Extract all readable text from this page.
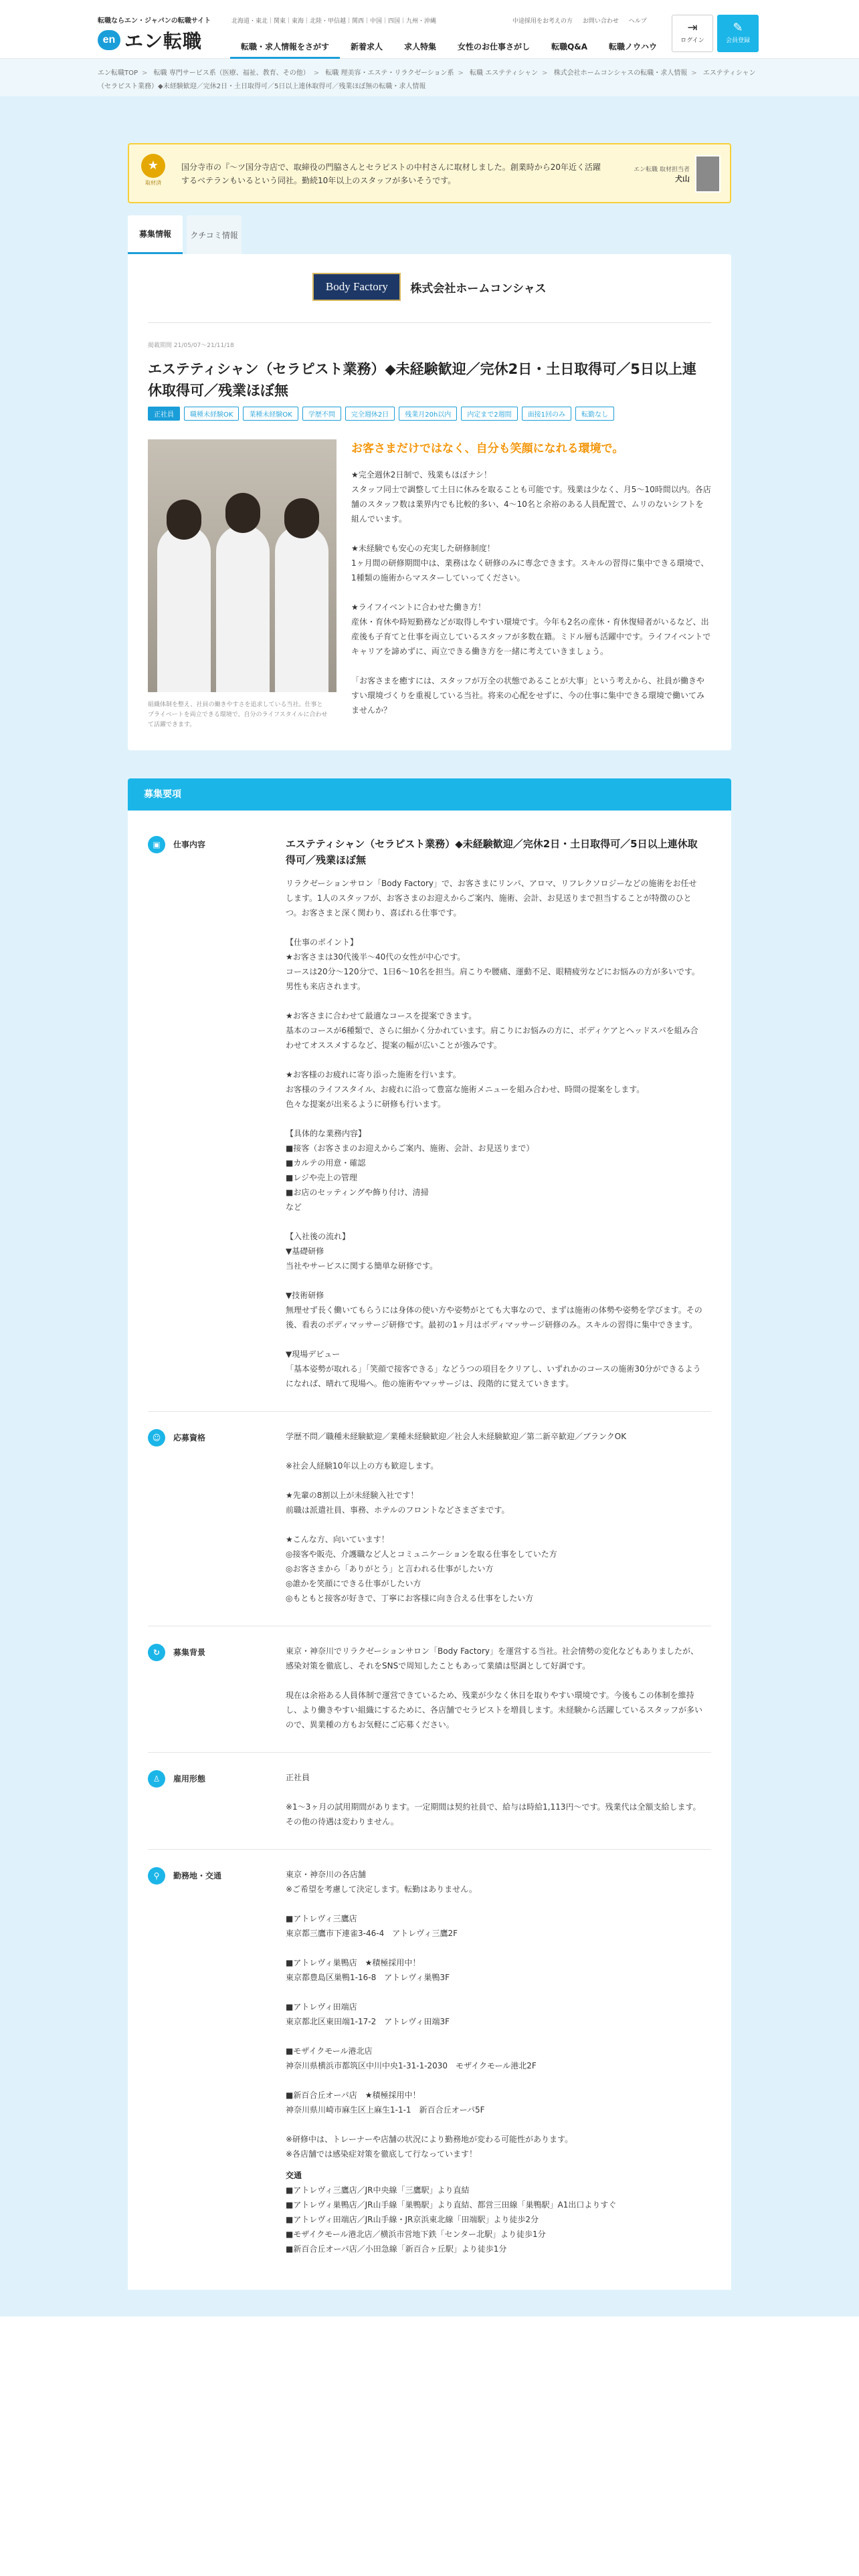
転職ならエン・ジャパンの転職サイト
en エン転職
北海道・東北｜関東｜東海｜北陸・甲信越｜関西｜中国｜四国｜九州・沖縄	中途採用をお考えの方 お問い合わせ ヘルプ
転職・求人情報をさがす	新着求人	求人特集	女性のお仕事さがし	転職Q&A	転職ノウハウ
⇥
ログイン
✎
会員登録
エン転職TOP > 転職 専門サービス系（医療、福祉、教育、その他） > 転職 理美容・エステ・リラクゼーション系 > 転職 エステティシャン > 株式会社ホームコンシャスの転職・求人情報 > エステティシャン（セラピスト業務）◆未経験歓迎／完休2日・土日取得可／5日以上連休取得可／残業ほぼ無の転職・求人情報
★
取材済
国分寺市の『～ツ国分寺店で、取締役の門脇さんとセラピストの中村さんに取材しました。創業時から20年近く活躍するベテランもいるという同社。勤続10年以上のスタッフが多いそうです。
エン転職 取材担当者
犬山
募集情報	クチコミ情報
Body Factory	株式会社ホームコンシャス
掲載期間 21/05/07〜21/11/18
エステティシャン（セラピスト業務）◆未経験歓迎／完休2日・土日取得可／5日以上連休取得可／残業ほぼ無
正社員	職種未経験OK	業種未経験OK	学歴不問	完全週休2日	残業月20h以内	内定まで2週間	面接1回のみ	転勤なし
組織体制を整え、社員の働きやすさを追求している当社。仕事とプライベートを両立できる環境で、自分のライフスタイルに合わせて活躍できます。
お客さまだけではなく、自分も笑顔になれる環境で。
★完全週休2日制で、残業もほぼナシ！
スタッフ同士で調整して土日に休みを取ることも可能です。残業は少なく、月5〜10時間以内。各店舗のスタッフ数は業界内でも比較的多い、4〜10名と余裕のある人員配置で、ムリのないシフトを組んでいます。

★未経験でも安心の充実した研修制度！
1ヶ月間の研修期間中は、業務はなく研修のみに専念できます。スキルの習得に集中できる環境で、1種類の施術からマスターしていってください。

★ライフイベントに合わせた働き方！
産休・育休や時短勤務などが取得しやすい環境です。今年も2名の産休・育休復帰者がいるなど、出産後も子育てと仕事を両立しているスタッフが多数在籍。ミドル層も活躍中です。ライフイベントでキャリアを諦めずに、両立できる働き方を一緒に考えていきましょう。

「お客さまを癒すには、スタッフが万全の状態であることが大事」という考えから、社員が働きやすい環境づくりを重視している当社。将来の心配をせずに、今の仕事に集中できる環境で働いてみませんか？
募集要項
▣	仕事内容	エステティシャン（セラピスト業務）◆未経験歓迎／完休2日・土日取得可／5日以上連休取得可／残業ほぼ無
リラクゼーションサロン「Body Factory」で、お客さまにリンパ、アロマ、リフレクソロジーなどの施術をお任せします。1人のスタッフが、お客さまのお迎えからご案内、施術、会計、お見送りまで担当することが特徴のひとつ。お客さまと深く関わり、喜ばれる仕事です。

【仕事のポイント】
★お客さまは30代後半〜40代の女性が中心です。
コースは20分〜120分で、1日6〜10名を担当。肩こりや腰痛、運動不足、眼精疲労などにお悩みの方が多いです。男性も来店されます。

★お客さまに合わせて最適なコースを提案できます。
基本のコースが6種類で、さらに細かく分かれています。肩こりにお悩みの方に、ボディケアとヘッドスパを組み合わせてオススメするなど、提案の幅が広いことが強みです。

★お客様のお疲れに寄り添った施術を行います。
お客様のライフスタイル、お疲れに沿って豊富な施術メニューを組み合わせ、時間の提案をします。
色々な提案が出来るように研修も行います。

【具体的な業務内容】
■接客（お客さまのお迎えからご案内、施術、会計、お見送りまで）
■カルテの用意・確認
■レジや売上の管理
■お店のセッティングや飾り付け、清掃
など

【入社後の流れ】
▼基礎研修
当社やサービスに関する簡単な研修です。

▼技術研修
無理せず長く働いてもらうには身体の使い方や姿勢がとても大事なので、まずは施術の体勢や姿勢を学びます。その後、看表のボディマッサージ研修です。最初の1ヶ月はボディマッサージ研修のみ。スキルの習得に集中できます。

▼現場デビュー
「基本姿勢が取れる」「笑顔で接客できる」などうつの項目をクリアし、いずれかのコースの施術30分ができるようになれば、晴れて現場へ。他の施術やマッサージは、段階的に覚えていきます。
☺	応募資格	学歴不問／職種未経験歓迎／業種未経験歓迎／社会人未経験歓迎／第二新卒歓迎／ブランクOK

※社会人経験10年以上の方も歓迎します。

★先輩の8割以上が未経験入社です！
前職は派遣社員、事務、ホテルのフロントなどさまざまです。

★こんな方、向いています！
◎接客や販売、介護職など人とコミュニケーションを取る仕事をしていた方
◎お客さまから「ありがとう」と言われる仕事がしたい方
◎誰かを笑顔にできる仕事がしたい方
◎もともと接客が好きで、丁寧にお客様に向き合える仕事をしたい方
↻	募集背景	東京・神奈川でリラクゼーションサロン「Body Factory」を運営する当社。社会情勢の変化などもありましたが、感染対策を徹底し、それをSNSで周知したこともあって業績は堅調として好調です。

現在は余裕ある人員体制で運営できているため、残業が少なく休日を取りやすい環境です。今後もこの体制を維持し、より働きやすい組織にするために、各店舗でセラピストを増員します。未経験から活躍しているスタッフが多いので、異業種の方もお気軽にご応募ください。
♙	雇用形態	正社員

※1〜3ヶ月の試用期間があります。一定期間は契約社員で、給与は時給1,113円〜です。残業代は全額支給します。その他の待遇は変わりません。
⚲	勤務地・交通	東京・神奈川の各店舗
※ご希望を考慮して決定します。転勤はありません。

■アトレヴィ三鷹店
東京都三鷹市下連雀3-46-4　アトレヴィ三鷹2F

■アトレヴィ巣鴨店　★積極採用中！
東京都豊島区巣鴨1-16-8　アトレヴィ巣鴨3F

■アトレヴィ田端店
東京都北区東田端1-17-2　アトレヴィ田端3F

■モザイクモール港北店
神奈川県横浜市都筑区中川中央1-31-1-2030　モザイクモール港北2F

■新百合丘オーパ店　★積極採用中！
神奈川県川崎市麻生区上麻生1-1-1　新百合丘オーパ5F

※研修中は、トレーナーや店舗の状況により勤務地が変わる可能性があります。
※各店舗では感染症対策を徹底して行なっています！
交通
■アトレヴィ三鷹店／JR中央線「三鷹駅」より直結
■アトレヴィ巣鴨店／JR山手線「巣鴨駅」より直結、都営三田線「巣鴨駅」A1出口よりすぐ
■アトレヴィ田端店／JR山手線・JR京浜東北線「田端駅」より徒歩2分
■モザイクモール港北店／横浜市営地下鉄「センター北駅」より徒歩1分
■新百合丘オーパ店／小田急線「新百合ヶ丘駅」より徒歩1分
